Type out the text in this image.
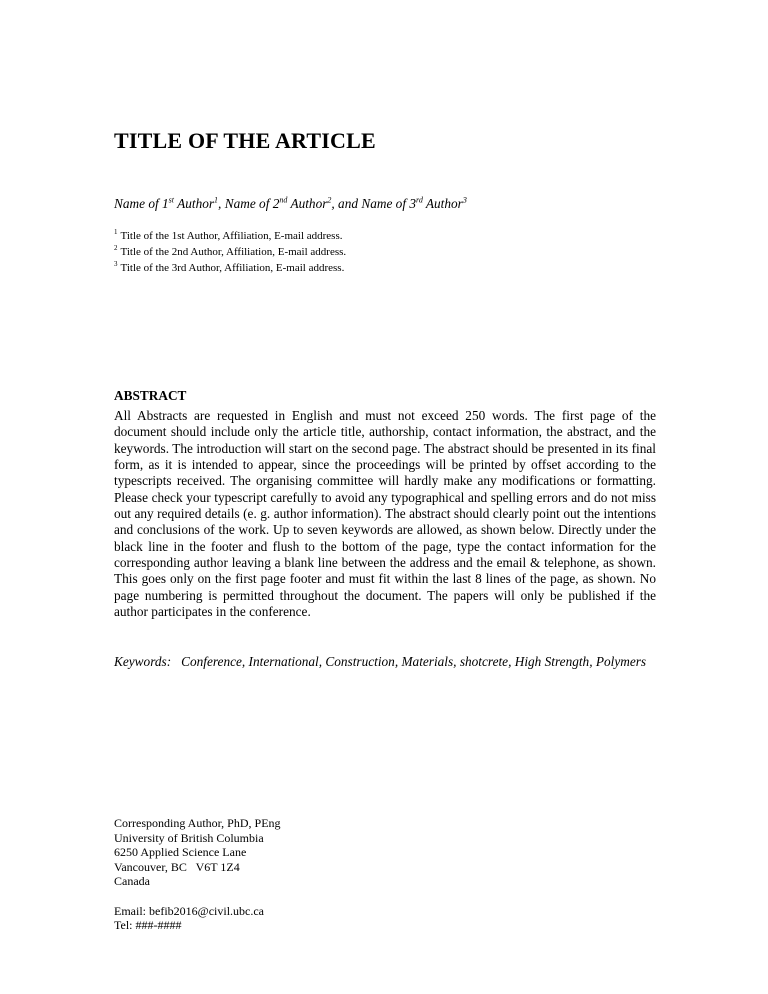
TITLE OF THE ARTICLE
Name of 1st Author$^1$, Name of 2nd Author$^2$, and Name of 3rd Author$^3$
$^1$ Title of the 1st Author, Affiliation, E-mail address.
$^2$ Title of the 2nd Author, Affiliation, E-mail address.
$^3$ Title of the 3rd Author, Affiliation, E-mail address.
ABSTRACT
All Abstracts are requested in English and must not exceed 250 words. The first page of the document should include only the article title, authorship, contact information, the abstract, and the keywords. The introduction will start on the second page. The abstract should be presented in its final form, as it is intended to appear, since the proceedings will be printed by offset according to the typescripts received. The organising committee will hardly make any modifications or formatting. Please check your typescript carefully to avoid any typographical and spelling errors and do not miss out any required details (e. g. author information). The abstract should clearly point out the intentions and conclusions of the work. Up to seven keywords are allowed, as shown below. Directly under the black line in the footer and flush to the bottom of the page, type the contact information for the corresponding author leaving a blank line between the address and the email & telephone, as shown. This goes only on the first page footer and must fit within the last 8 lines of the page, as shown. No page numbering is permitted throughout the document. The papers will only be published if the author participates in the conference.
Keywords: Conference, International, Construction, Materials, shotcrete, High Strength, Polymers
Corresponding Author, PhD, PEng
University of British Columbia
6250 Applied Science Lane
Vancouver, BC   V6T 1Z4
Canada
Email: befib2016@civil.ubc.ca
Tel: ###-####
